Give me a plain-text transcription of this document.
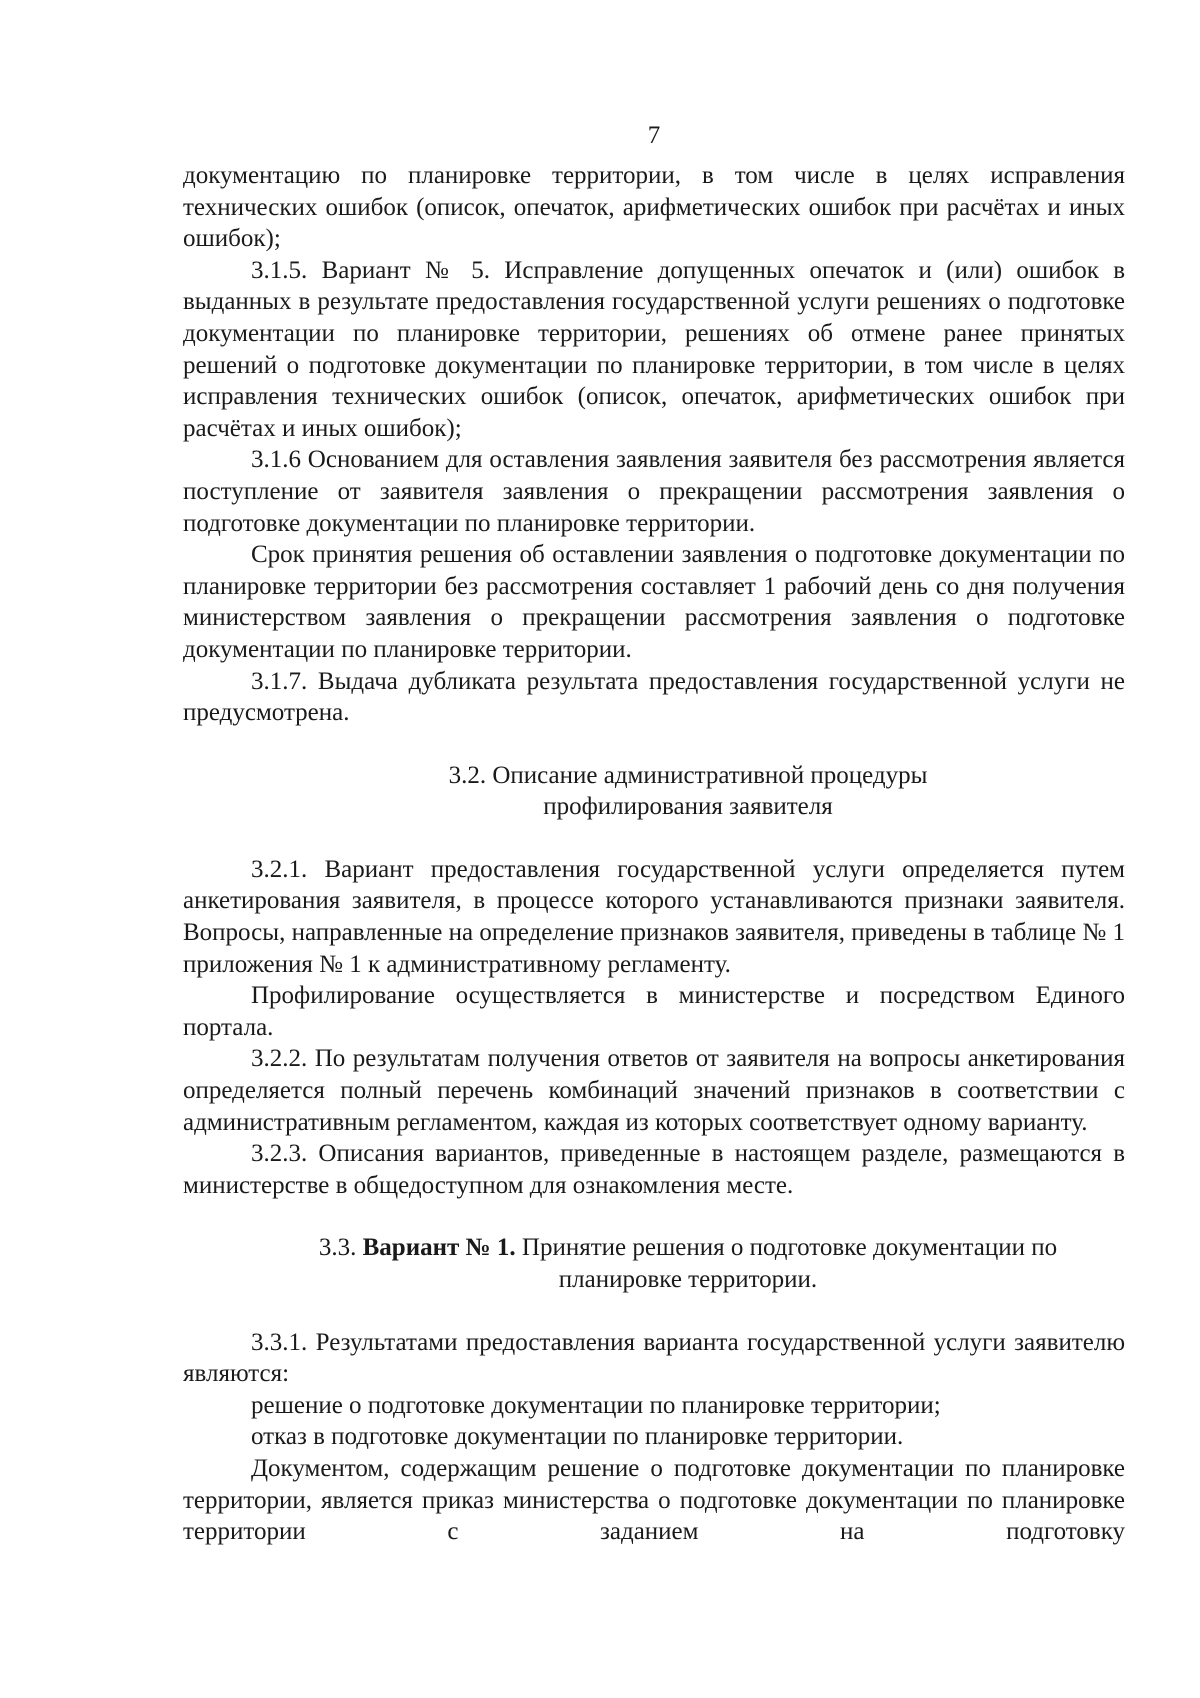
7

документацию по планировке территории, в том числе в целях исправления технических ошибок (описок, опечаток, арифметических ошибок при расчётах и иных ошибок);

3.1.5. Вариант № 5. Исправление допущенных опечаток и (или) ошибок в выданных в результате предоставления государственной услуги решениях о подготовке документации по планировке территории, решениях об отмене ранее принятых решений о подготовке документации по планировке территории, в том числе в целях исправления технических ошибок (описок, опечаток, арифметических ошибок при расчётах и иных ошибок);

3.1.6 Основанием для оставления заявления заявителя без рассмотрения является поступление от заявителя заявления о прекращении рассмотрения заявления о подготовке документации по планировке территории.

Срок принятия решения об оставлении заявления о подготовке документации по планировке территории без рассмотрения составляет 1 рабочий день со дня получения министерством заявления о прекращении рассмотрения заявления о подготовке документации по планировке территории.

3.1.7. Выдача дубликата результата предоставления государственной услуги не предусмотрена.

3.2. Описание административной процедуры
профилирования заявителя

3.2.1. Вариант предоставления государственной услуги определяется путем анкетирования заявителя, в процессе которого устанавливаются признаки заявителя. Вопросы, направленные на определение признаков заявителя, приведены в таблице № 1 приложения № 1 к административному регламенту.

Профилирование осуществляется в министерстве и посредством Единого портала.

3.2.2. По результатам получения ответов от заявителя на вопросы анкетирования определяется полный перечень комбинаций значений признаков в соответствии с административным регламентом, каждая из которых соответствует одному варианту.

3.2.3. Описания вариантов, приведенные в настоящем разделе, размещаются в министерстве в общедоступном для ознакомления месте.

3.3. Вариант № 1. Принятие решения о подготовке документации по
планировке территории.

3.3.1. Результатами предоставления варианта государственной услуги заявителю являются:

решение о подготовке документации по планировке территории;

отказ в подготовке документации по планировке территории.

Документом, содержащим решение о подготовке документации по планировке территории, является приказ министерства о подготовке документации по планировке территории с заданием на подготовку
